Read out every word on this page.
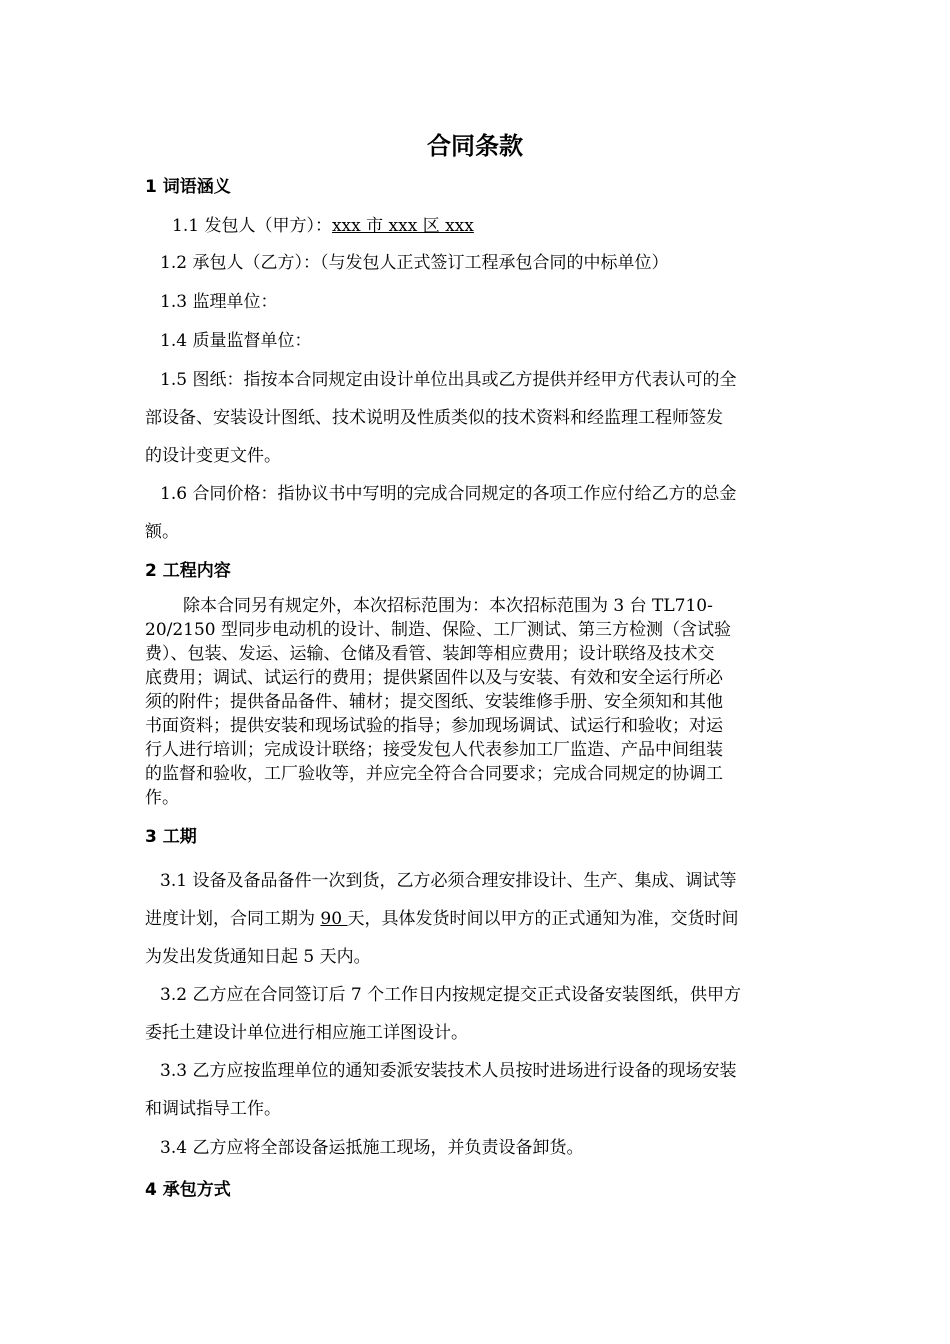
合同条款
1 词语涵义
1.1 发包人（甲方）：xxx 市 xxx 区 xxx
1.2 承包人（乙方）：（与发包人正式签订工程承包合同的中标单位）
1.3 监理单位：
1.4 质量监督单位：
1.5 图纸：指按本合同规定由设计单位出具或乙方提供并经甲方代表认可的全
部设备、安装设计图纸、技术说明及性质类似的技术资料和经监理工程师签发
的设计变更文件。
1.6 合同价格：指协议书中写明的完成合同规定的各项工作应付给乙方的总金
额。
2 工程内容
除本合同另有规定外，本次招标范围为：本次招标范围为 3 台 TL710-
20/2150 型同步电动机的设计、制造、保险、工厂测试、第三方检测（含试验
费）、包装、发运、运输、仓储及看管、装卸等相应费用；设计联络及技术交
底费用；调试、试运行的费用；提供紧固件以及与安装、有效和安全运行所必
须的附件；提供备品备件、辅材；提交图纸、安装维修手册、安全须知和其他
书面资料；提供安装和现场试验的指导；参加现场调试、试运行和验收；对运
行人进行培训；完成设计联络；接受发包人代表参加工厂监造、产品中间组装
的监督和验收，工厂验收等，并应完全符合合同要求；完成合同规定的协调工
作。
3 工期
3.1 设备及备品备件一次到货，乙方必须合理安排设计、生产、集成、调试等
进度计划，合同工期为 90 天，具体发货时间以甲方的正式通知为准，交货时间
为发出发货通知日起 5 天内。
3.2 乙方应在合同签订后 7 个工作日内按规定提交正式设备安装图纸，供甲方
委托土建设计单位进行相应施工详图设计。
3.3 乙方应按监理单位的通知委派安装技术人员按时进场进行设备的现场安装
和调试指导工作。
3.4 乙方应将全部设备运抵施工现场，并负责设备卸货。
4 承包方式
